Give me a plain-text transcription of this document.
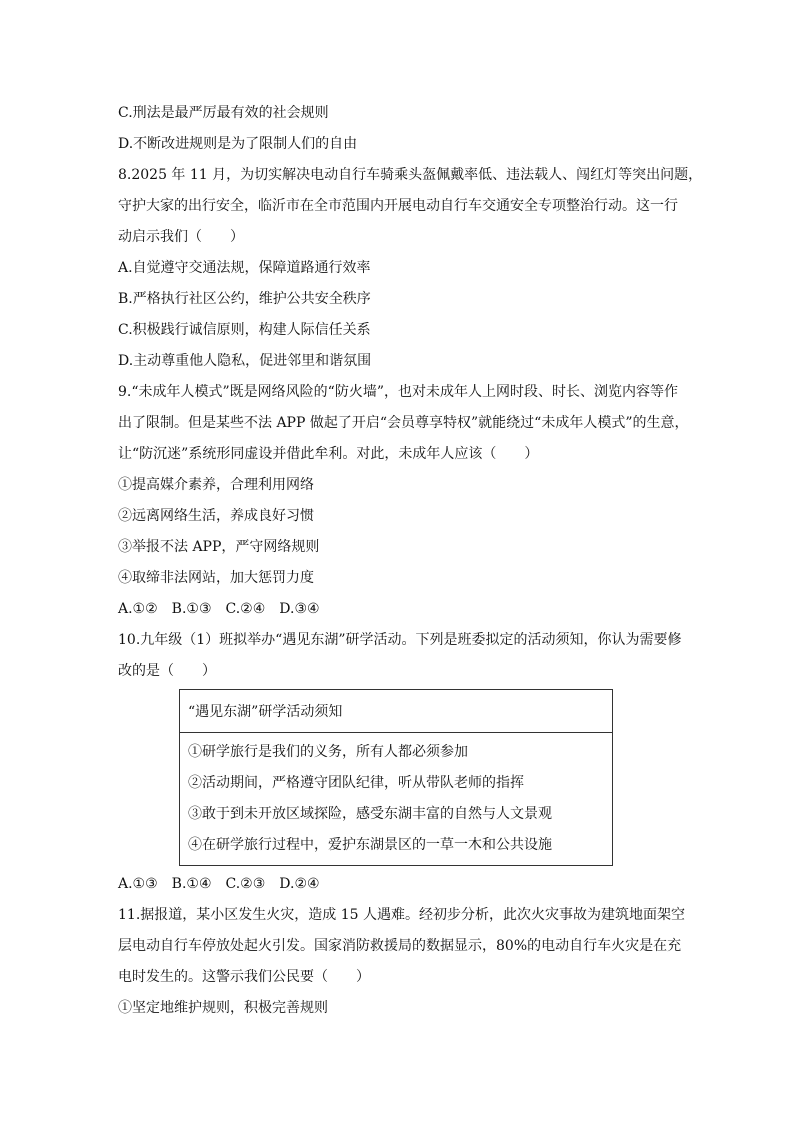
C.刑法是最严厉最有效的社会规则
D.不断改进规则是为了限制人们的自由
8.2025 年 11 月，为切实解决电动自行车骑乘头盔佩戴率低、违法载人、闯红灯等突出问题，
守护大家的出行安全，临沂市在全市范围内开展电动自行车交通安全专项整治行动。这一行
动启示我们（　　）
A.自觉遵守交通法规，保障道路通行效率
B.严格执行社区公约，维护公共安全秩序
C.积极践行诚信原则，构建人际信任关系
D.主动尊重他人隐私，促进邻里和谐氛围
9.“未成年人模式”既是网络风险的“防火墙”，也对未成年人上网时段、时长、浏览内容等作
出了限制。但是某些不法 APP 做起了开启“会员尊享特权”就能绕过“未成年人模式”的生意，
让“防沉迷”系统形同虚设并借此牟利。对此，未成年人应该（　　）
①提高媒介素养，合理利用网络
②远离网络生活，养成良好习惯
③举报不法 APP，严守网络规则
④取缔非法网站，加大惩罚力度
A.①②　B.①③　C.②④　D.③④
10.九年级（1）班拟举办“遇见东湖”研学活动。下列是班委拟定的活动须知，你认为需要修
改的是（　　）
“遇见东湖”研学活动须知
①研学旅行是我们的义务，所有人都必须参加
②活动期间，严格遵守团队纪律，听从带队老师的指挥
③敢于到未开放区域探险，感受东湖丰富的自然与人文景观
④在研学旅行过程中，爱护东湖景区的一草一木和公共设施
A.①③　B.①④　C.②③　D.②④
11.据报道，某小区发生火灾，造成 15 人遇难。经初步分析，此次火灾事故为建筑地面架空
层电动自行车停放处起火引发。国家消防救援局的数据显示，80%的电动自行车火灾是在充
电时发生的。这警示我们公民要（　　）
①坚定地维护规则，积极完善规则
